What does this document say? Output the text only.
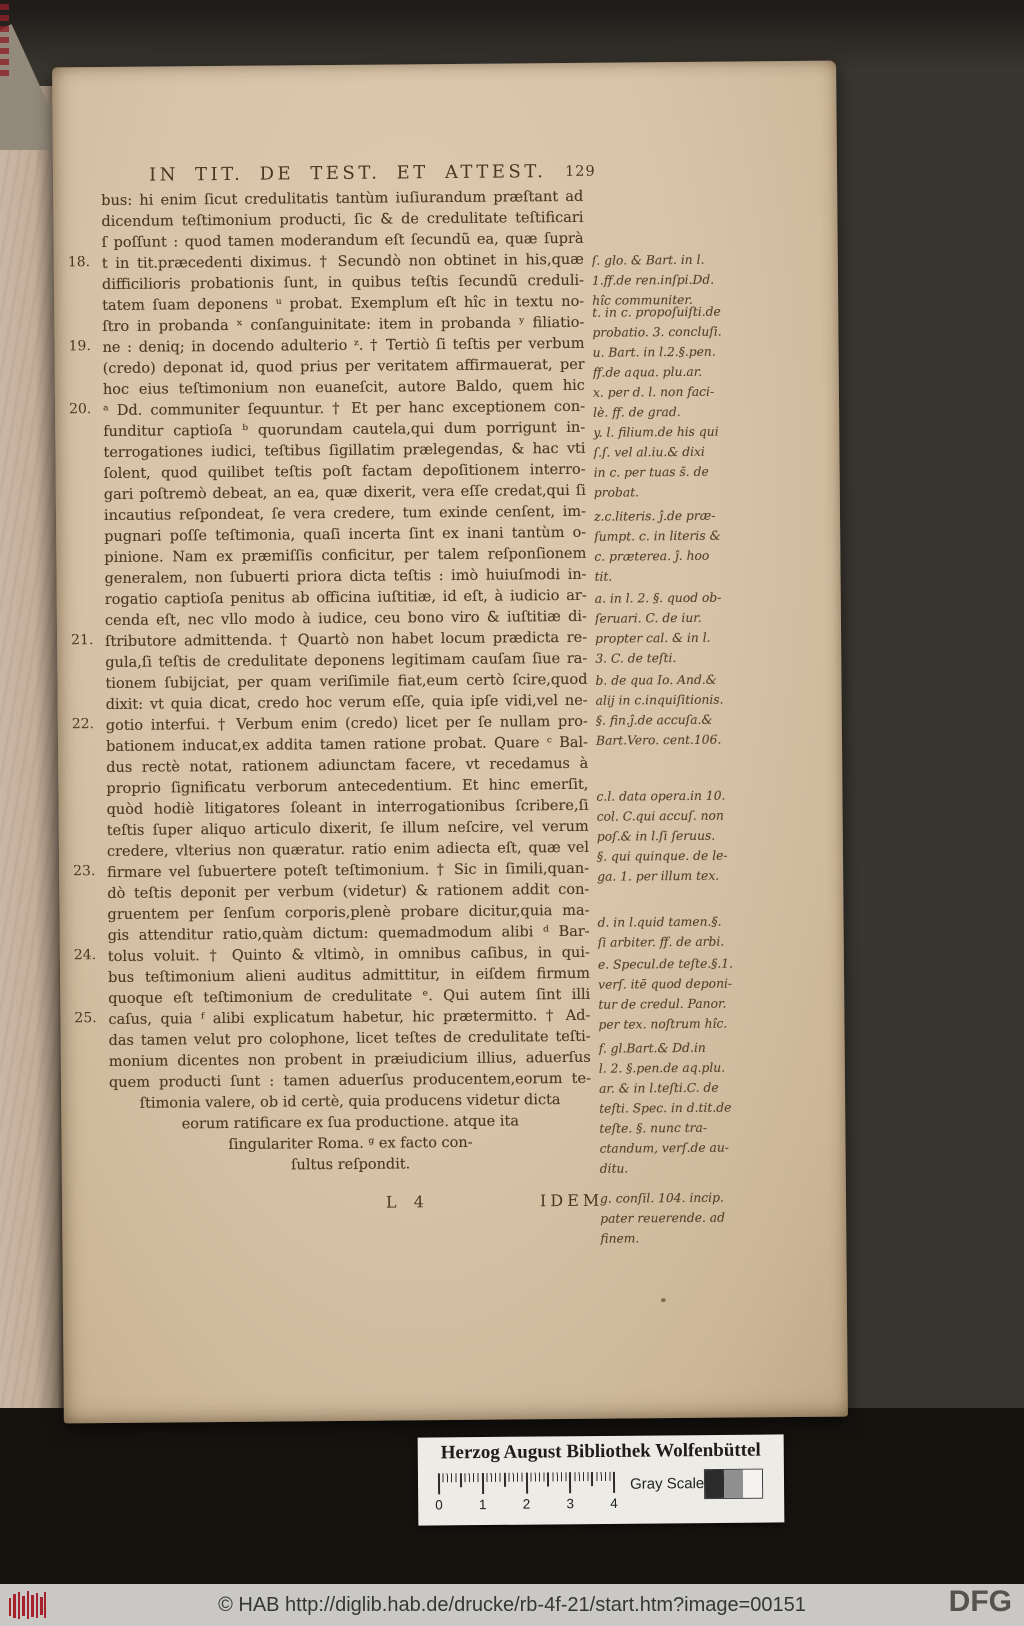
IN TIT. DE TEST. ET ATTEST.	129
18.
19.
20.
21.
22.
23.
24.
25.
bus: hi enim ſicut credulitatis tantùm iuſiurandum præſtant ad
dicendum teſtimonium producti, ſic & de credulitate teſtificari
ſ poſſunt : quod tamen moderandum eſt ſecundũ ea, quæ ſuprà
t in tit.præcedenti diximus. † Secundò non obtinet in his,quæ
difficilioris probationis ſunt, in quibus teſtis ſecundũ creduli-
tatem ſuam deponens ᵘ probat. Exemplum eſt hîc in textu no-
ſtro in probanda ˣ conſanguinitate: item in probanda ʸ filiatio-
ne : deniq; in docendo adulterio ᶻ. † Tertiò ſi teſtis per verbum
(credo) deponat id, quod prius per veritatem affirmauerat, per
hoc eius teſtimonium non euaneſcit, autore Baldo, quem hic
ᵃ Dd. communiter ſequuntur. † Et per hanc exceptionem con-
funditur captioſa ᵇ quorundam cautela,qui dum porrigunt in-
terrogationes iudici, teſtibus ſigillatim prælegendas, & hac vti
ſolent, quod quilibet teſtis poſt factam depoſitionem interro-
gari poſtremò debeat, an ea, quæ dixerit, vera eſſe credat,qui ſi
incautius reſpondeat, ſe vera credere, tum exinde cenſent, im-
pugnari poſſe teſtimonia, quaſi incerta ſint ex inani tantùm o-
pinione. Nam ex præmiſſis conficitur, per talem reſponſionem
generalem, non ſubuerti priora dicta teſtis : imò huiuſmodi in-
rogatio captioſa penitus ab officina iuſtitiæ, id eſt, à iudicio ar-
cenda eſt, nec vllo modo à iudice, ceu bono viro & iuſtitiæ di-
ſtributore admittenda. † Quartò non habet locum prædicta re-
gula,ſi teſtis de credulitate deponens legitimam cauſam ſiue ra-
tionem ſubijciat, per quam veriſimile fiat,eum certò ſcire,quod
dixit: vt quia dicat, credo hoc verum eſſe, quia ipſe vidi,vel ne-
gotio interfui. † Verbum enim (credo) licet per ſe nullam pro-
bationem inducat,ex addita tamen ratione probat. Quare ᶜ Bal-
dus rectè notat, rationem adiunctam facere, vt recedamus à
proprio ſignificatu verborum antecedentium. Et hinc emerſit,
quòd hodiè litigatores ſoleant in interrogationibus ſcribere,ſi
teſtis ſuper aliquo articulo dixerit, ſe illum neſcire, vel verum
credere, vlterius non quæratur. ratio enim adiecta eſt, quæ vel
firmare vel ſubuertere poteſt teſtimonium. † Sic in ſimili,quan-
dò teſtis deponit per verbum (videtur) & rationem addit con-
gruentem per ſenſum corporis,plenè probare dicitur,quia ma-
gis attenditur ratio,quàm dictum: quemadmodum alibi ᵈ Bar-
tolus voluit. † Quinto & vltimò, in omnibus caſibus, in qui-
bus teſtimonium alieni auditus admittitur, in eiſdem firmum
quoque eſt teſtimonium de credulitate ᵉ. Qui autem ſint illi
caſus, quia ᶠ alibi explicatum habetur, hic prætermitto. † Ad-
das tamen velut pro colophone, licet teſtes de credulitate teſti-
monium dicentes non probent in præiudicium illius, aduerſus
quem producti ſunt : tamen aduerſus producentem,eorum te-
ſtimonia valere, ob id certè, quia producens videtur dicta
eorum ratificare ex ſua productione. atque ita
ſingulariter Roma. ᵍ ex facto con-
ſultus reſpondit.
ſ. glo. & Bart. in l.
1.ff.de ren.inſpi.Dd.
hîc communiter.
t. in c. propoſuiſti.de
probatio. 3. concluſi.
u. Bart. in l.2.§.pen.
ff.de aqua. plu.ar.
x. per d. l. non faci-
lè. ff. de grad.
y. l. filium.de his qui
ſ.ſ. vel al.iu.& dixi
in c. per tuas s̄. de
probat.
z.c.literis. ĵ.de præ-
ſumpt. c. in literis &
c. præterea. ĵ. hoo
tit.
a. in l. 2. §. quod ob-
ſeruari. C. de iur.
propter cal. & in l.
3. C. de teſti.
b. de qua Io. And.&
alij in c.inquiſitionis.
§. fin.ĵ.de accuſa.&
Bart.Vero. cent.106.
c.l. data opera.in 10.
col. C.qui accuſ. non
poſ.& in l.ſi ſeruus.
§. qui quinque. de le-
ga. 1. per illum tex.
d. in l.quid tamen.§.
ſi arbiter. ff. de arbi.
e. Specul.de teſte.§.1.
verſ. itē quod deponi-
tur de credul. Panor.
per tex. noſtrum hîc.
f. gl.Bart.& Dd.in
l. 2. §.pen.de aq.plu.
ar. & in l.teſti.C. de
teſti. Spec. in d.tit.de
teſte. §. nunc tra-
ctandum, verſ.de au-
ditu.
g. conſil. 104. incip.
pater reuerende. ad
finem.
L 4	IDEM
Herzog August Bibliothek Wolfenbüttel
0	1	2	3	4
Gray Scale
© HAB http://diglib.hab.de/drucke/rb-4f-21/start.htm?image=00151	DFG
